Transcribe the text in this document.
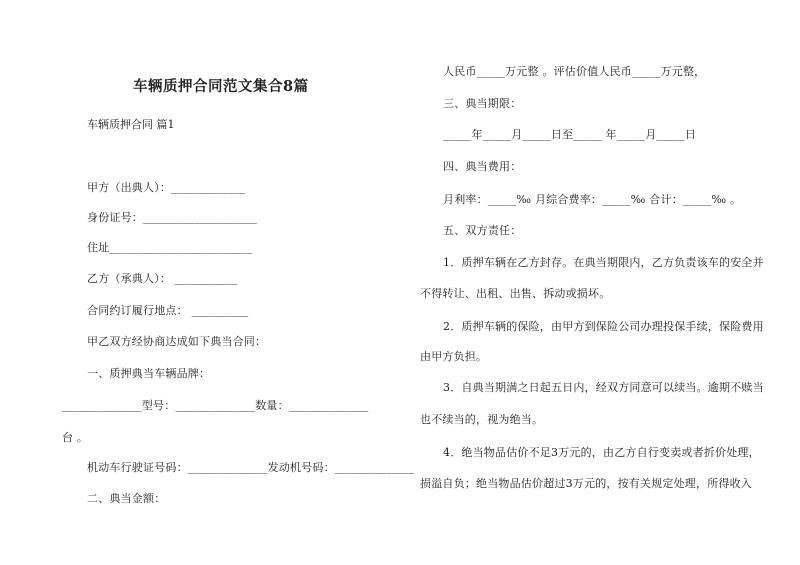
车辆质押合同范文集合8篇
车辆质押合同 篇1
甲方（出典人）：_____________
身份证号：____________________
住址_________________________
乙方（承典人）： ___________
合同约订履行地点： __________
甲乙双方经协商达成如下典当合同：
一、质押典当车辆品牌：
______________型号：______________数量：______________
台 。
机动车行驶证号码：______________发动机号码：______________
二、典当金额：
人民币_____万元整 。评估价值人民币_____万元整，
三、典当期限：
_____年_____月_____日至_____ 年_____月_____日
四、典当费用：
月利率：_____‰ 月综合费率：_____‰ 合计：_____‰ 。
五、双方责任：
1．质押车辆在乙方封存。在典当期限内，乙方负责该车的安全并
不得转让、出租、出售、拆动或损坏。
2．质押车辆的保险，由甲方到保险公司办理投保手续，保险费用
由甲方负担。
3．自典当期满之日起五日内，经双方同意可以续当。逾期不赎当
也不续当的，视为绝当。
4．绝当物品估价不足3万元的，由乙方自行变卖或者折价处理，
损溢自负；绝当物品估价超过3万元的，按有关规定处理，所得收入
